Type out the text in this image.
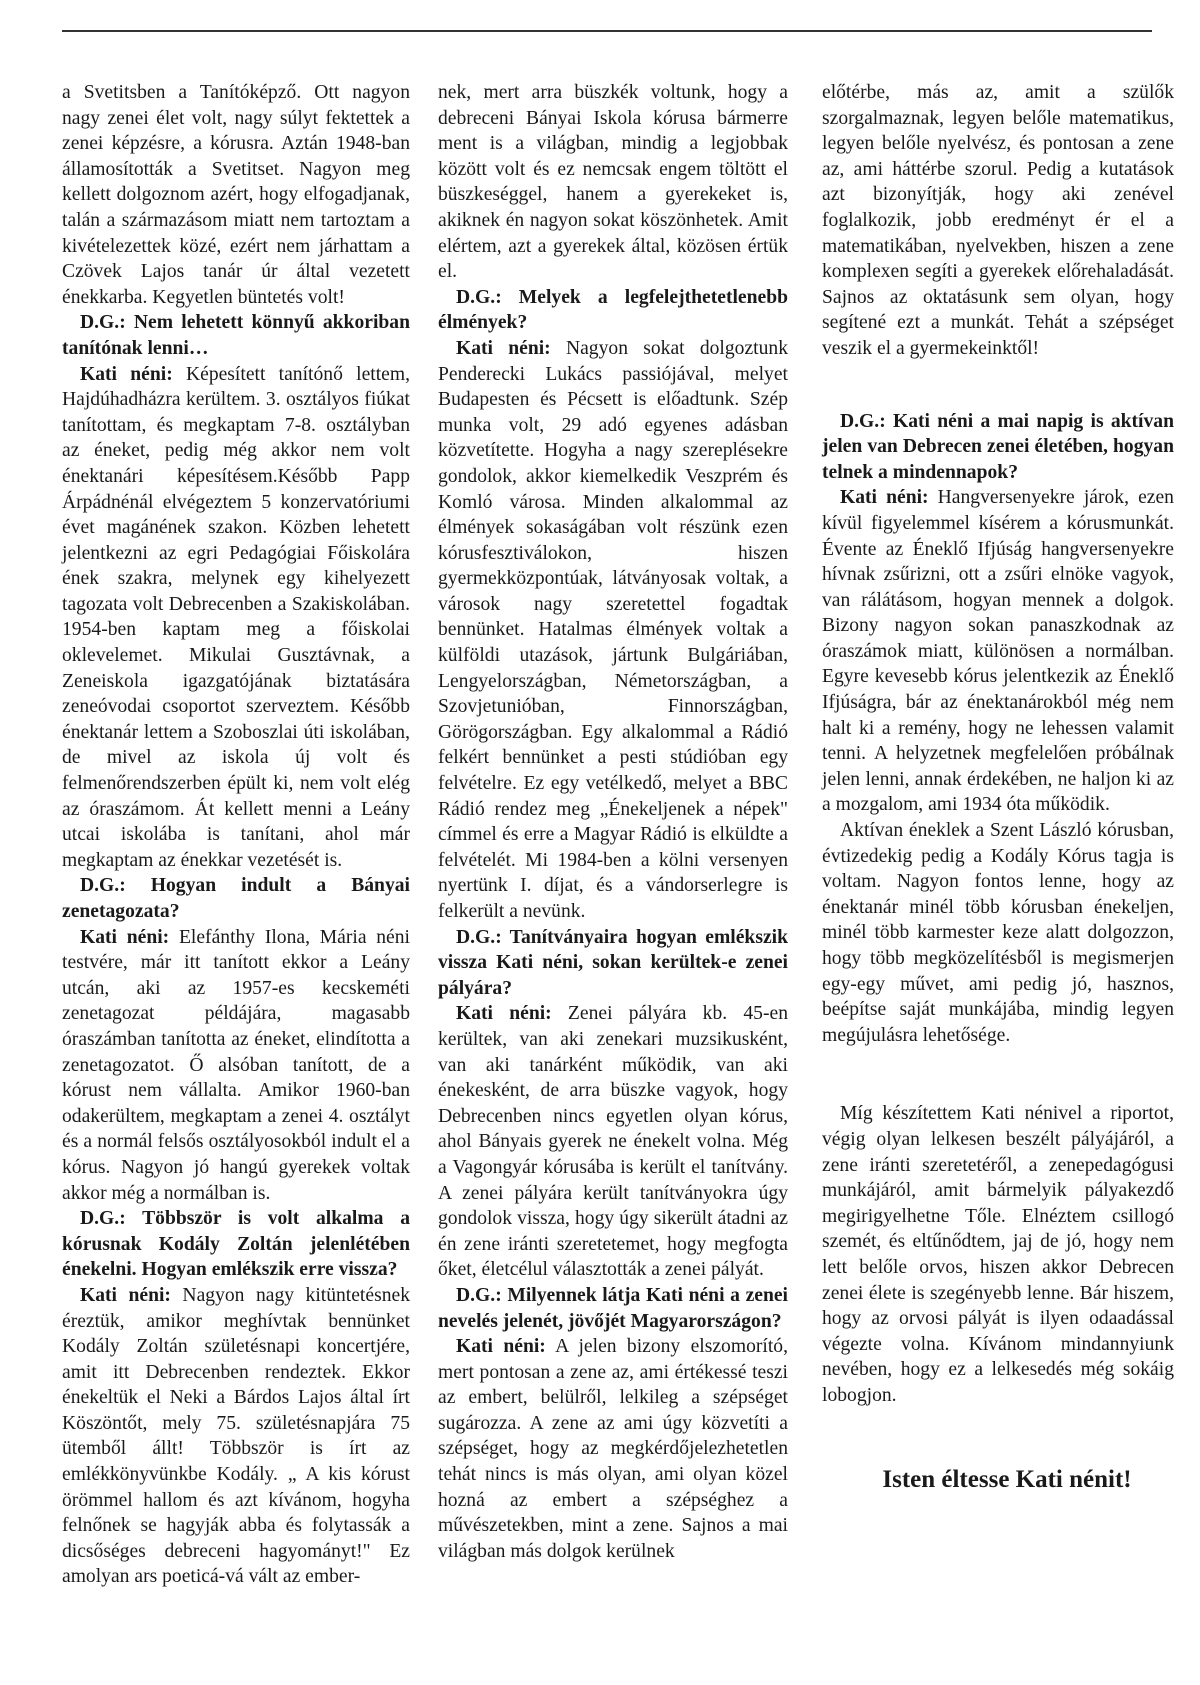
a Svetitsben a Tanítóképző. Ott nagyon nagy zenei élet volt, nagy súlyt fektettek a zenei képzésre, a kórusra. Aztán 1948-ban államosították a Svetitset. Nagyon meg kellett dolgoznom azért, hogy elfogadjanak, talán a származásom miatt nem tartoztam a kivételezettek közé, ezért nem járhattam a Czövek Lajos tanár úr által vezetett énekkarba. Kegyetlen büntetés volt!

D.G.: Nem lehetett könnyű akkoriban tanítónak lenni…

Kati néni: Képesített tanítónő lettem, Hajdúhadházra kerültem. 3. osztályos fiúkat tanítottam, és megkaptam 7-8. osztályban az éneket, pedig még akkor nem volt énektanári képesítésem.Később Papp Árpádnénál elvégeztem 5 konzervatóriumi évet magánének szakon. Közben lehetett jelentkezni az egri Pedagógiai Főiskolára ének szakra, melynek egy kihelyezett tagozata volt Debrecenben a Szakiskolában. 1954-ben kaptam meg a főiskolai oklevelemet. Mikulai Gusztávnak, a Zeneiskola igazgatójának biztatására zeneóvodai csoportot szerveztem. Később énektanár lettem a Szoboszlai úti iskolában, de mivel az iskola új volt és felmenőrendszerben épült ki, nem volt elég az óraszámom. Át kellett menni a Leány utcai iskolába is tanítani, ahol már megkaptam az énekkar vezetését is.

D.G.: Hogyan indult a Bányai zenetagozata?

Kati néni: Elefánthy Ilona, Mária néni testvére, már itt tanított ekkor a Leány utcán, aki az 1957-es kecskeméti zenetagozat példájára, magasabb óraszámban tanította az éneket, elindította a zenetagozatot. Ő alsóban tanított, de a kórust nem vállalta. Amikor 1960-ban odakerültem, megkaptam a zenei 4. osztályt és a normál felsős osztályosokból indult el a kórus. Nagyon jó hangú gyerekek voltak akkor még a normálban is.

D.G.: Többször is volt alkalma a kórusnak Kodály Zoltán jelenlétében énekelni. Hogyan emlékszik erre vissza?

Kati néni: Nagyon nagy kitüntetésnek éreztük, amikor meghívtak bennünket Kodály Zoltán születésnapi koncertjére, amit itt Debrecenben rendeztek. Ekkor énekeltük el Neki a Bárdos Lajos által írt Köszöntőt, mely 75. születésnapjára 75 ütemből állt! Többször is írt az emlékkönyvünkbe Kodály. „ A kis kórust örömmel hallom és azt kívánom, hogyha felnőnek se hagyják abba és folytassák a dicsőséges debreceni hagyományt!" Ez amolyan ars poeticá-vá vált az ember-

nek, mert arra büszkék voltunk, hogy a debreceni Bányai Iskola kórusa bármerre ment is a világban, mindig a legjobbak között volt és ez nemcsak engem töltött el büszkeséggel, hanem a gyerekeket is, akiknek én nagyon sokat köszönhetek. Amit elértem, azt a gyerekek által, közösen értük el.

D.G.: Melyek a legfelejthetetlenebb élmények?

Kati néni: Nagyon sokat dolgoztunk Penderecki Lukács passiójával, melyet Budapesten és Pécsett is előadtunk. Szép munka volt, 29 adó egyenes adásban közvetítette. Hogyha a nagy szereplésekre gondolok, akkor kiemelkedik Veszprém és Komló városa. Minden alkalommal az élmények sokaságában volt részünk ezen kórusfesztiválokon, hiszen gyermekközpontúak, látványosak voltak, a városok nagy szeretettel fogadtak bennünket. Hatalmas élmények voltak a külföldi utazások, jártunk Bulgáriában, Lengyelországban, Németországban, a Szovjetunióban, Finnországban, Görögországban. Egy alkalommal a Rádió felkért bennünket a pesti stúdióban egy felvételre. Ez egy vetélkedő, melyet a BBC Rádió rendez meg „Énekeljenek a népek" címmel és erre a Magyar Rádió is elküldte a felvételét. Mi 1984-ben a kölni versenyen nyertünk I. díjat, és a vándorserlegre is felkerült a nevünk.

D.G.: Tanítványaira hogyan emlékszik vissza Kati néni, sokan kerültek-e zenei pályára?

Kati néni: Zenei pályára kb. 45-en kerültek, van aki zenekari muzsikusként, van aki tanárként működik, van aki énekesként, de arra büszke vagyok, hogy Debrecenben nincs egyetlen olyan kórus, ahol Bányais gyerek ne énekelt volna. Még a Vagongyár kórusába is került el tanítvány. A zenei pályára került tanítványokra úgy gondolok vissza, hogy úgy sikerült átadni az én zene iránti szeretetemet, hogy megfogta őket, életcélul választották a zenei pályát.

D.G.: Milyennek látja Kati néni a zenei nevelés jelenét, jövőjét Magyarországon?

Kati néni: A jelen bizony elszomorító, mert pontosan a zene az, ami értékessé teszi az embert, belülről, lelkileg a szépséget sugározza. A zene az ami úgy közvetíti a szépséget, hogy az megkérdőjelezhetetlen tehát nincs is más olyan, ami olyan közel hozná az embert a szépséghez a művészetekben, mint a zene. Sajnos a mai világban más dolgok kerülnek

előtérbe, más az, amit a szülők szorgalmaznak, legyen belőle matematikus, legyen belőle nyelvész, és pontosan a zene az, ami háttérbe szorul. Pedig a kutatások azt bizonyítják, hogy aki zenével foglalkozik, jobb eredményt ér el a matematikában, nyelvekben, hiszen a zene komplexen segíti a gyerekek előrehaladását. Sajnos az oktatásunk sem olyan, hogy segítené ezt a munkát. Tehát a szépséget veszik el a gyermekeinktől!

D.G.: Kati néni a mai napig is aktívan jelen van Debrecen zenei életében, hogyan telnek a mindennapok?

Kati néni: Hangversenyekre járok, ezen kívül figyelemmel kísérem a kórusmunkát. Évente az Éneklő Ifjúság hangversenyekre hívnak zsűrizni, ott a zsűri elnöke vagyok, van rálátásom, hogyan mennek a dolgok. Bizony nagyon sokan panaszkodnak az óraszámok miatt, különösen a normálban. Egyre kevesebb kórus jelentkezik az Éneklő Ifjúságra, bár az énektanárokból még nem halt ki a remény, hogy ne lehessen valamit tenni. A helyzetnek megfelelően próbálnak jelen lenni, annak érdekében, ne haljon ki az a mozgalom, ami 1934 óta működik.

Aktívan éneklek a Szent László kórusban, évtizedekig pedig a Kodály Kórus tagja is voltam. Nagyon fontos lenne, hogy az énektanár minél több kórusban énekeljen, minél több karmester keze alatt dolgozzon, hogy több megközelítésből is megismerjen egy-egy művet, ami pedig jó, hasznos, beépítse saját munkájába, mindig legyen megújulásra lehetősége.

Míg készítettem Kati nénivel a riportot, végig olyan lelkesen beszélt pályájáról, a zene iránti szeretetéről, a zenepedagógusi munkájáról, amit bármelyik pályakezdő megirigyelhetne Tőle. Elnéztem csillogó szemét, és eltűnődtem, jaj de jó, hogy nem lett belőle orvos, hiszen akkor Debrecen zenei élete is szegényebb lenne. Bár hiszem, hogy az orvosi pályát is ilyen odaadással végezte volna. Kívánom mindannyiunk nevében, hogy ez a lelkesedés még sokáig lobogjon.

Isten éltesse Kati nénit!
